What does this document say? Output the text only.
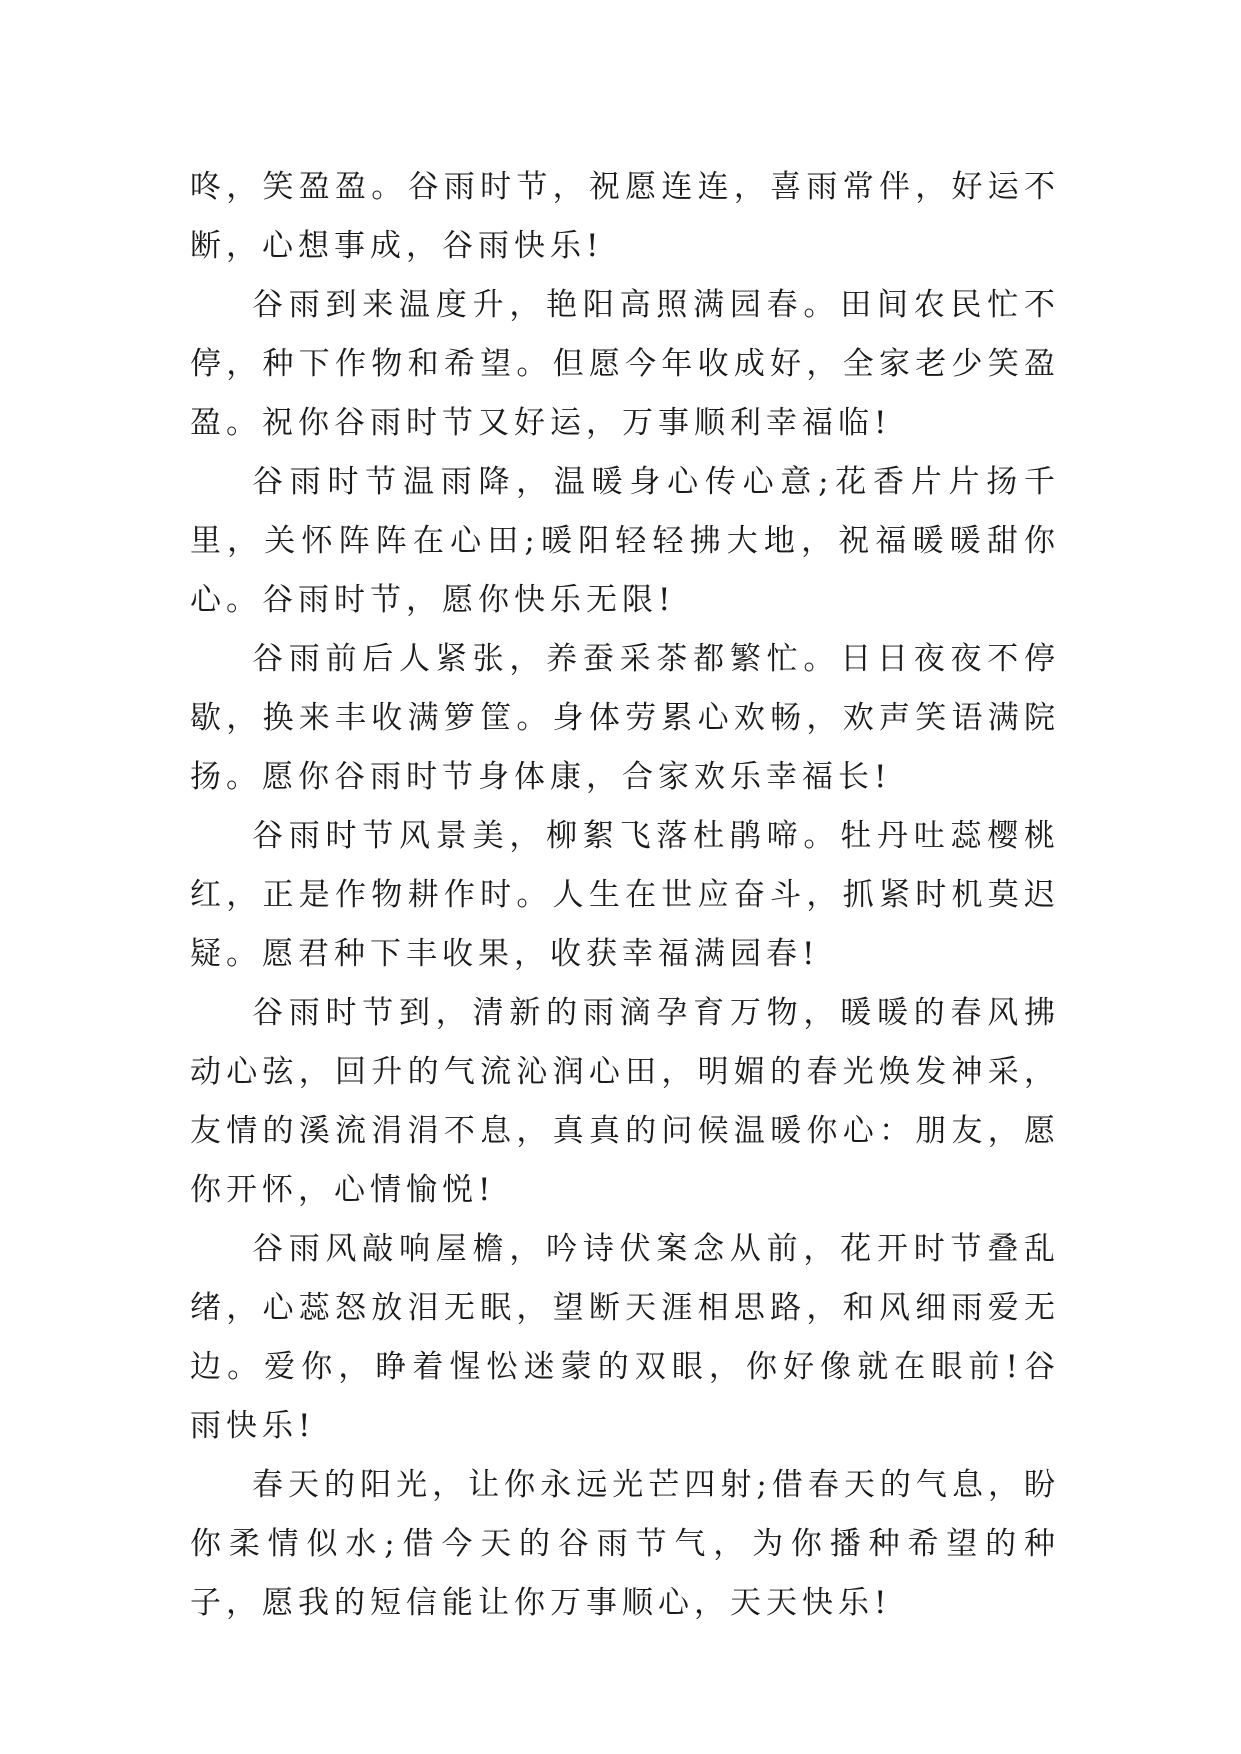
咚，笑盈盈。谷雨时节，祝愿连连，喜雨常伴，好运不断，心想事成，谷雨快乐!

谷雨到来温度升，艳阳高照满园春。田间农民忙不停，种下作物和希望。但愿今年收成好，全家老少笑盈盈。祝你谷雨时节又好运，万事顺利幸福临!

谷雨时节温雨降，温暖身心传心意;花香片片扬千里，关怀阵阵在心田;暖阳轻轻拂大地，祝福暖暖甜你心。谷雨时节，愿你快乐无限!

谷雨前后人紧张，养蚕采茶都繁忙。日日夜夜不停歇，换来丰收满箩筐。身体劳累心欢畅，欢声笑语满院扬。愿你谷雨时节身体康，合家欢乐幸福长!

谷雨时节风景美，柳絮飞落杜鹃啼。牡丹吐蕊樱桃红，正是作物耕作时。人生在世应奋斗，抓紧时机莫迟疑。愿君种下丰收果，收获幸福满园春!

谷雨时节到，清新的雨滴孕育万物，暖暖的春风拂动心弦，回升的气流沁润心田，明媚的春光焕发神采，友情的溪流涓涓不息，真真的问候温暖你心：朋友，愿你开怀，心情愉悦!

谷雨风敲响屋檐，吟诗伏案念从前，花开时节叠乱绪，心蕊怒放泪无眠，望断天涯相思路，和风细雨爱无边。爱你，睁着惺忪迷蒙的双眼，你好像就在眼前!谷雨快乐!

春天的阳光，让你永远光芒四射;借春天的气息，盼你柔情似水;借今天的谷雨节气，为你播种希望的种子，愿我的短信能让你万事顺心，天天快乐!
